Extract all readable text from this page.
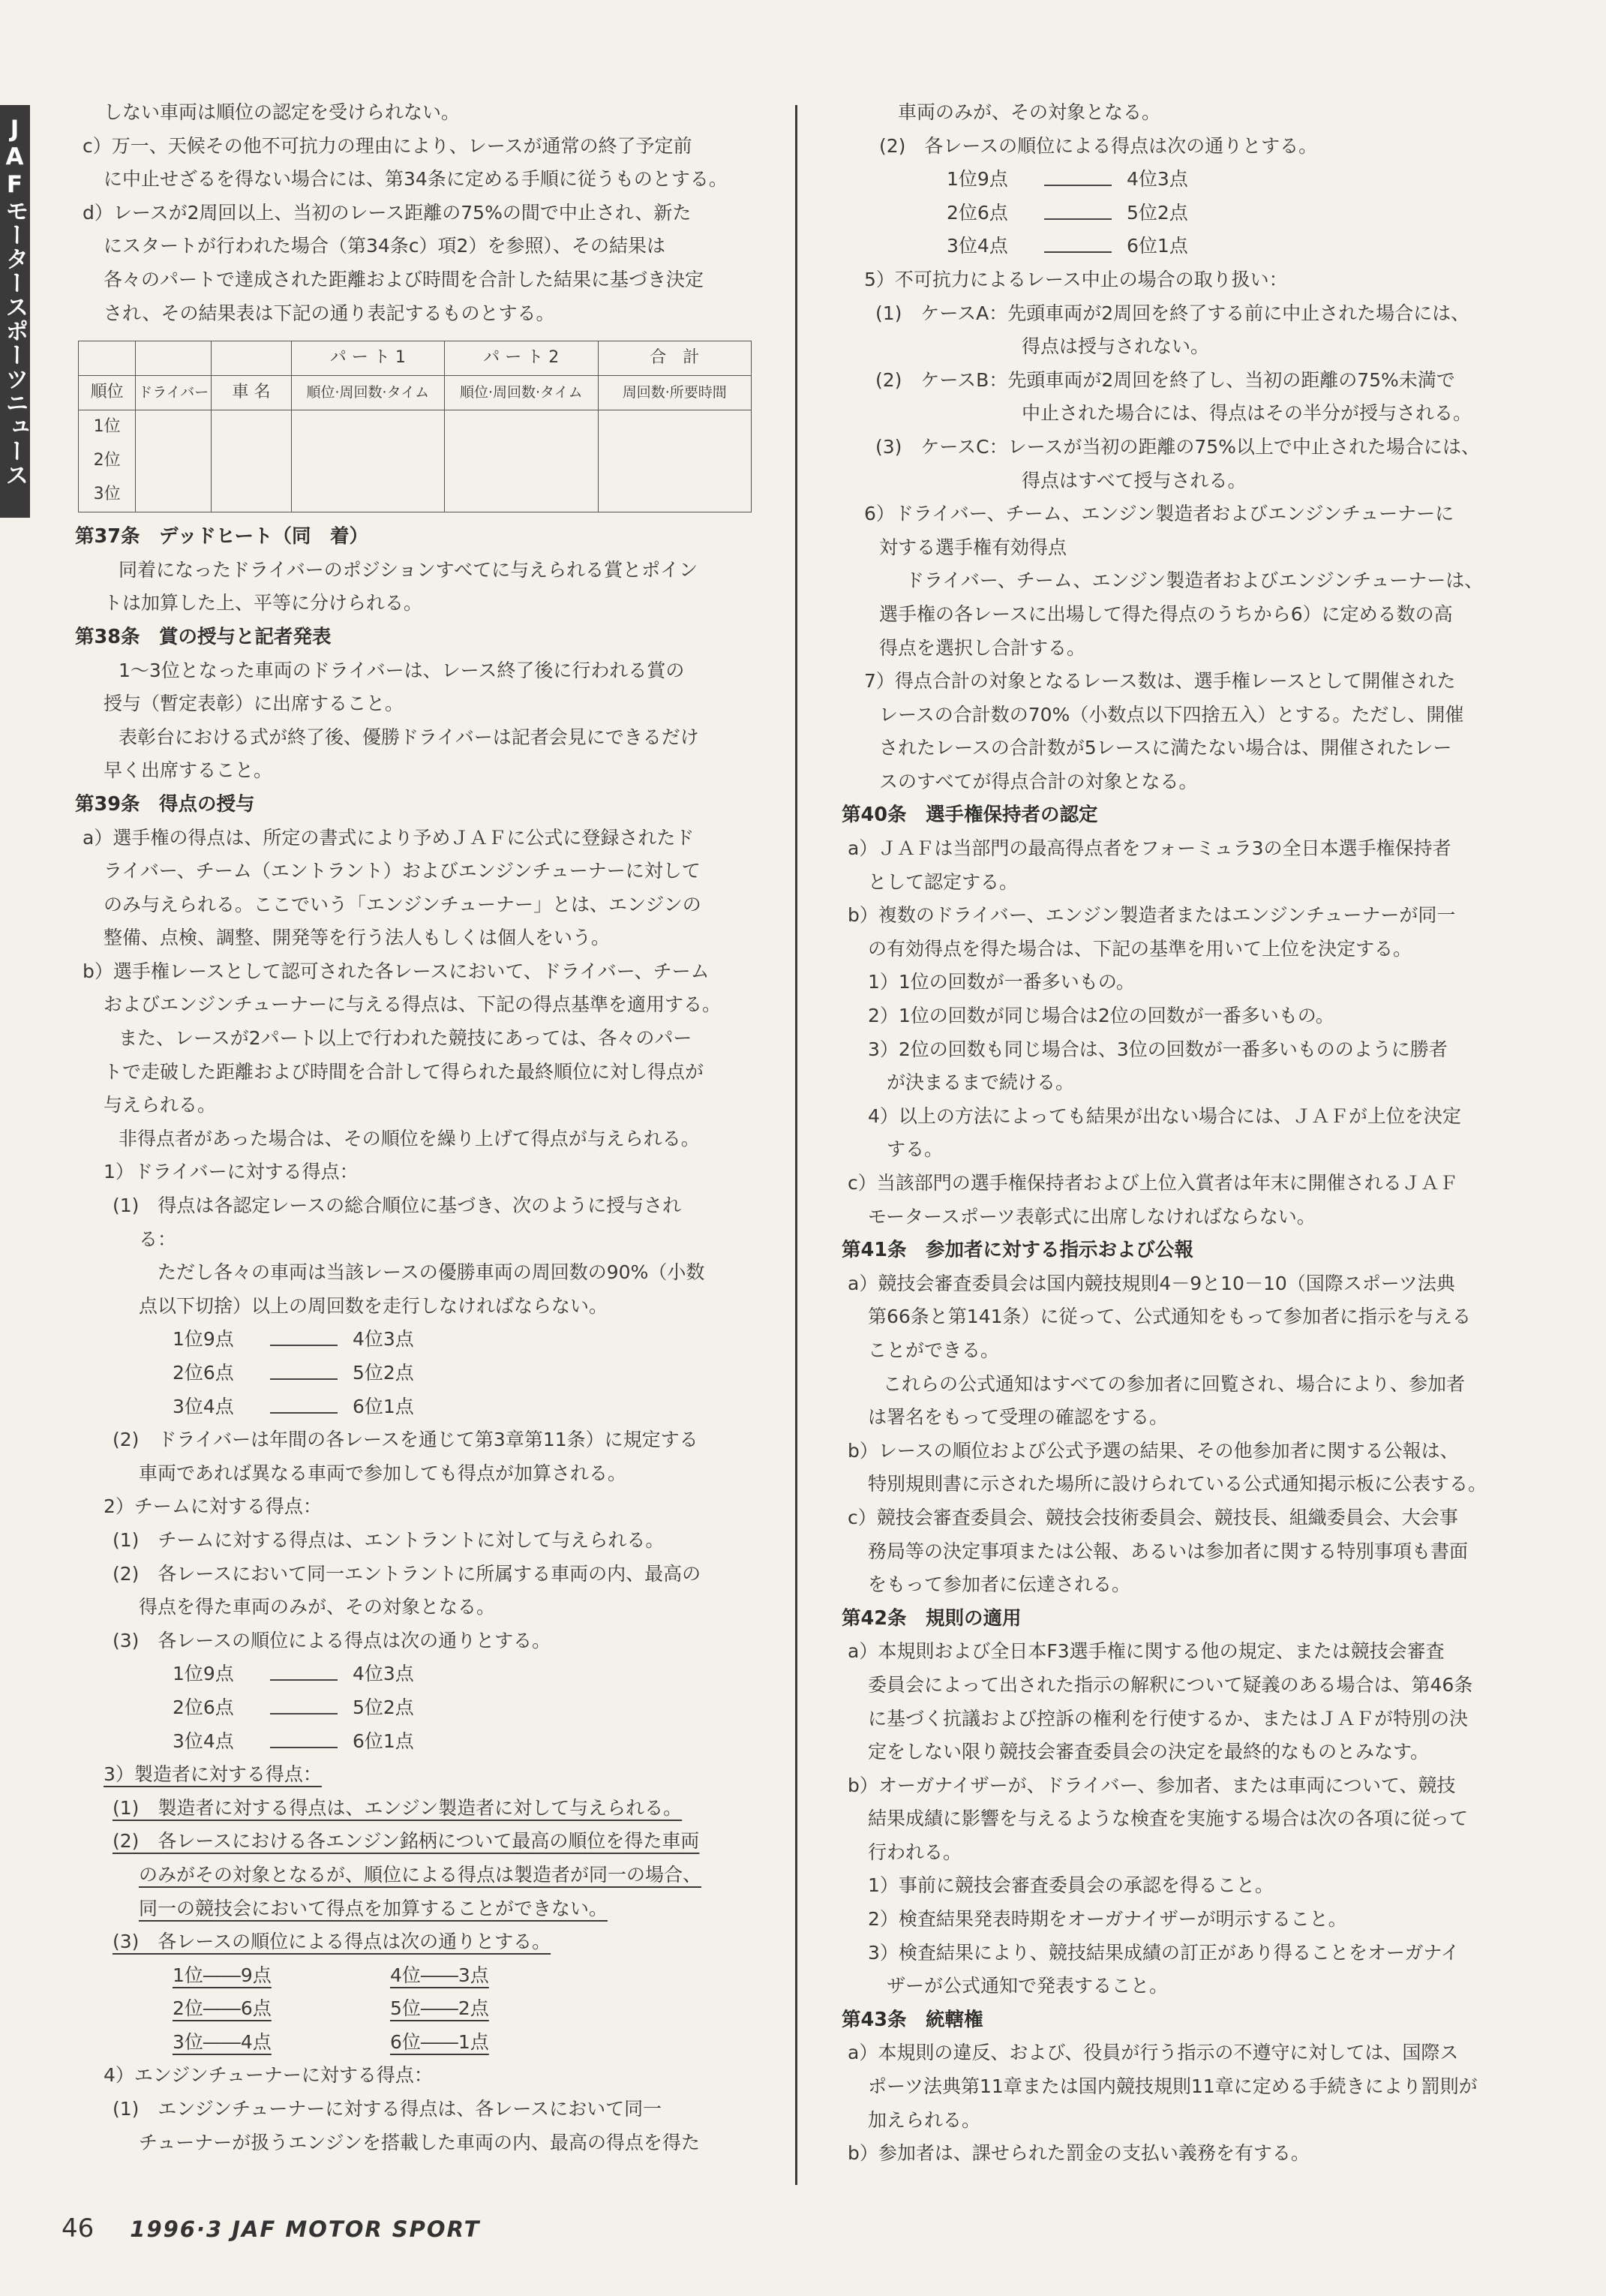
JAFモータースポーツニュース
しない車両は順位の認定を受けられない。
c）万一、天候その他不可抗力の理由により、レースが通常の終了予定前
に中止せざるを得ない場合には、第34条に定める手順に従うものとする。
d）レースが2周回以上、当初のレース距離の75%の間で中止され、新た
にスタートが行われた場合（第34条c）項2）を参照）、その結果は
各々のパートで達成された距離および時間を合計した結果に基づき決定
され、その結果表は下記の通り表記するものとする。
			パ ー ト 1	パ ー ト 2	合　計
順位	ドライバー	車 名	順位·周回数·タイム	順位·周回数·タイム	周回数·所要時間
1位					
2位					
3位					
第37条　デッドヒート（同　着）
同着になったドライバーのポジションすべてに与えられる賞とポイン
トは加算した上、平等に分けられる。
第38条　賞の授与と記者発表
1〜3位となった車両のドライバーは、レース終了後に行われる賞の
授与（暫定表彰）に出席すること。
表彰台における式が終了後、優勝ドライバーは記者会見にできるだけ
早く出席すること。
第39条　得点の授与
a）選手権の得点は、所定の書式により予めＪＡＦに公式に登録されたド
ライバー、チーム（エントラント）およびエンジンチューナーに対して
のみ与えられる。ここでいう「エンジンチューナー」とは、エンジンの
整備、点検、調整、開発等を行う法人もしくは個人をいう。
b）選手権レースとして認可された各レースにおいて、ドライバー、チーム
およびエンジンチューナーに与える得点は、下記の得点基準を適用する。
また、レースが2パート以上で行われた競技にあっては、各々のパー
トで走破した距離および時間を合計して得られた最終順位に対し得点が
与えられる。
非得点者があった場合は、その順位を繰り上げて得点が与えられる。
1）ドライバーに対する得点：
(1)　得点は各認定レースの総合順位に基づき、次のように授与され
る：
ただし各々の車両は当該レースの優勝車両の周回数の90%（小数
点以下切捨）以上の周回数を走行しなければならない。
1位9点	4位3点
2位6点	5位2点
3位4点	6位1点
(2)　ドライバーは年間の各レースを通じて第3章第11条）に規定する
車両であれば異なる車両で参加しても得点が加算される。
2）チームに対する得点：
(1)　チームに対する得点は、エントラントに対して与えられる。
(2)　各レースにおいて同一エントラントに所属する車両の内、最高の
得点を得た車両のみが、その対象となる。
(3)　各レースの順位による得点は次の通りとする。
1位9点	4位3点
2位6点	5位2点
3位4点	6位1点
3）製造者に対する得点：
(1)　製造者に対する得点は、エンジン製造者に対して与えられる。
(2)　各レースにおける各エンジン銘柄について最高の順位を得た車両
のみがその対象となるが、順位による得点は製造者が同一の場合、
同一の競技会において得点を加算することができない。
(3)　各レースの順位による得点は次の通りとする。
1位――9点	4位――3点
2位――6点	5位――2点
3位――4点	6位――1点
4）エンジンチューナーに対する得点：
(1)　エンジンチューナーに対する得点は、各レースにおいて同一
チューナーが扱うエンジンを搭載した車両の内、最高の得点を得た
車両のみが、その対象となる。
(2)　各レースの順位による得点は次の通りとする。
1位9点	4位3点
2位6点	5位2点
3位4点	6位1点
5）不可抗力によるレース中止の場合の取り扱い：
(1)　ケースA：先頭車両が2周回を終了する前に中止された場合には、
得点は授与されない。
(2)　ケースB：先頭車両が2周回を終了し、当初の距離の75%未満で
中止された場合には、得点はその半分が授与される。
(3)　ケースC：レースが当初の距離の75%以上で中止された場合には、
得点はすべて授与される。
6）ドライバー、チーム、エンジン製造者およびエンジンチューナーに
対する選手権有効得点
ドライバー、チーム、エンジン製造者およびエンジンチューナーは、
選手権の各レースに出場して得た得点のうちから6）に定める数の高
得点を選択し合計する。
7）得点合計の対象となるレース数は、選手権レースとして開催された
レースの合計数の70%（小数点以下四捨五入）とする。ただし、開催
されたレースの合計数が5レースに満たない場合は、開催されたレー
スのすべてが得点合計の対象となる。
第40条　選手権保持者の認定
a）ＪＡＦは当部門の最高得点者をフォーミュラ3の全日本選手権保持者
として認定する。
b）複数のドライバー、エンジン製造者またはエンジンチューナーが同一
の有効得点を得た場合は、下記の基準を用いて上位を決定する。
1）1位の回数が一番多いもの。
2）1位の回数が同じ場合は2位の回数が一番多いもの。
3）2位の回数も同じ場合は、3位の回数が一番多いもののように勝者
が決まるまで続ける。
4）以上の方法によっても結果が出ない場合には、ＪＡＦが上位を決定
する。
c）当該部門の選手権保持者および上位入賞者は年末に開催されるＪＡＦ
モータースポーツ表彰式に出席しなければならない。
第41条　参加者に対する指示および公報
a）競技会審査委員会は国内競技規則4－9と10－10（国際スポーツ法典
第66条と第141条）に従って、公式通知をもって参加者に指示を与える
ことができる。
これらの公式通知はすべての参加者に回覧され、場合により、参加者
は署名をもって受理の確認をする。
b）レースの順位および公式予選の結果、その他参加者に関する公報は、
特別規則書に示された場所に設けられている公式通知掲示板に公表する。
c）競技会審査委員会、競技会技術委員会、競技長、組織委員会、大会事
務局等の決定事項または公報、あるいは参加者に関する特別事項も書面
をもって参加者に伝達される。
第42条　規則の適用
a）本規則および全日本F3選手権に関する他の規定、または競技会審査
委員会によって出された指示の解釈について疑義のある場合は、第46条
に基づく抗議および控訴の権利を行使するか、またはＪＡＦが特別の決
定をしない限り競技会審査委員会の決定を最終的なものとみなす。
b）オーガナイザーが、ドライバー、参加者、または車両について、競技
結果成績に影響を与えるような検査を実施する場合は次の各項に従って
行われる。
1）事前に競技会審査委員会の承認を得ること。
2）検査結果発表時期をオーガナイザーが明示すること。
3）検査結果により、競技結果成績の訂正があり得ることをオーガナイ
ザーが公式通知で発表すること。
第43条　統轄権
a）本規則の違反、および、役員が行う指示の不遵守に対しては、国際ス
ポーツ法典第11章または国内競技規則11章に定める手続きにより罰則が
加えられる。
b）参加者は、課せられた罰金の支払い義務を有する。
46 1996·3 JAF MOTOR SPORT
